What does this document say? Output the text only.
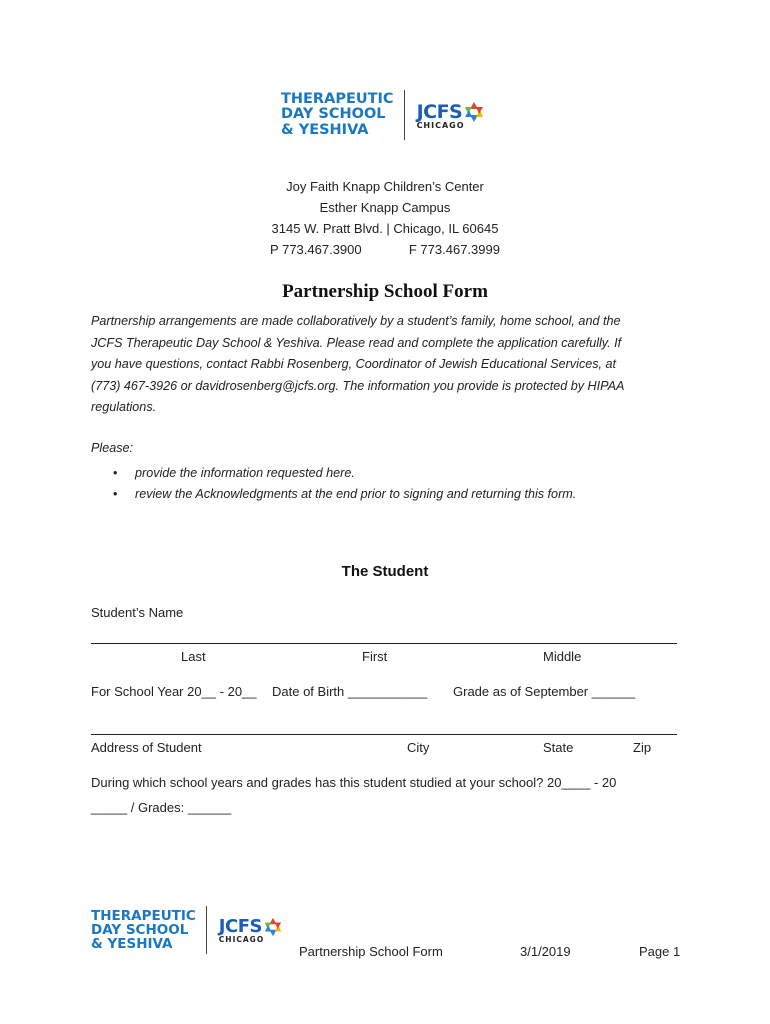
THERAPEUTIC
DAY SCHOOL
& YESHIVA
JCFS
CHICAGO
Joy Faith Knapp Children’s Center
Esther Knapp Campus
3145 W. Pratt Blvd. | Chicago, IL 60645
P 773.467.3900	F 773.467.3999
Partnership School Form
Partnership arrangements are made collaboratively by a student’s family, home school, and the
JCFS Therapeutic Day School & Yeshiva. Please read and complete the application carefully. If
you have questions, contact Rabbi Rosenberg, Coordinator of Jewish Educational Services, at
(773) 467-3926 or davidrosenberg@jcfs.org. The information you provide is protected by HIPAA
regulations.
Please:
•	provide the information requested here.
•	review the Acknowledgments at the end prior to signing and returning this form.
The Student
Student’s Name
Last	First	Middle
For School Year 20__ - 20__ Date of Birth ___________ Grade as of September ______
Address of Student	City	State	Zip
During which school years and grades has this student studied at your school? 20____ - 20
_____ / Grades: ______
THERAPEUTIC
DAY SCHOOL
& YESHIVA
JCFS
CHICAGO
Partnership School Form	3/1/2019	Page 1
